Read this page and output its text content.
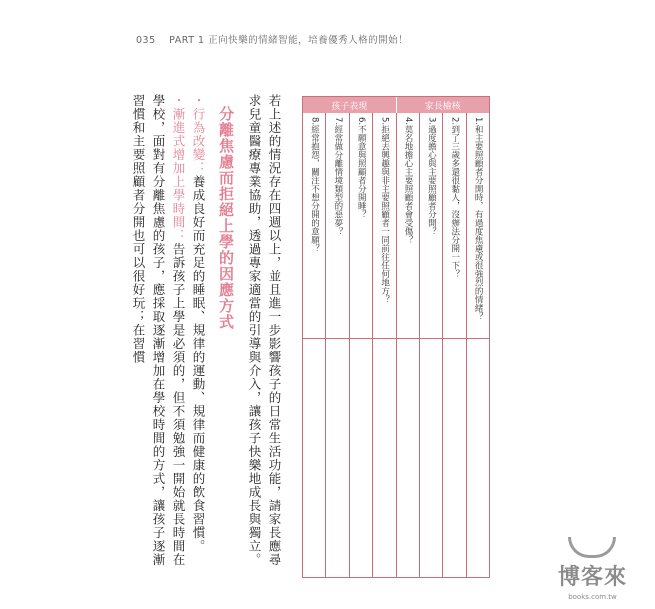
035 PART 1 正向快樂的情緒智能，培養優秀人格的開始！
孩子表現	家長檢核
1.和主要照顧者分開時，有過度焦慮或很強烈的情緒？
2.到了三歲多還很黏人，沒辦法分開一下？
3.過度擔心與主要照顧者分開？
4.莫名地擔心主要照顧者會受傷？
5.拒絕去興趣與非主要照顧者一同前往任何地方？
6.不願意與照顧者分開睡？
7.經常做分離情境類型的惡夢？
8.經常抱怨，關注不想分開的意願？
若上述的情況存在四週以上，並且進一步影響孩子的日常生活功能，請家長應尋求兒童醫療專業協助，透過專家適當的引導與介入，讓孩子快樂地成長與獨立。
分離焦慮而拒絕上學的因應方式
・行為改變：養成良好而充足的睡眠、規律的運動、規律而健康的飲食習慣。
・漸進式增加上學時間：告訴孩子上學是必須的，但不須勉強一開始就長時間在學校，面對有分離焦慮的孩子，應採取逐漸增加在學校時間的方式，讓孩子逐漸習慣和主要照顧者分開也可以很好玩；在習慣
博客來
books.com.tw
